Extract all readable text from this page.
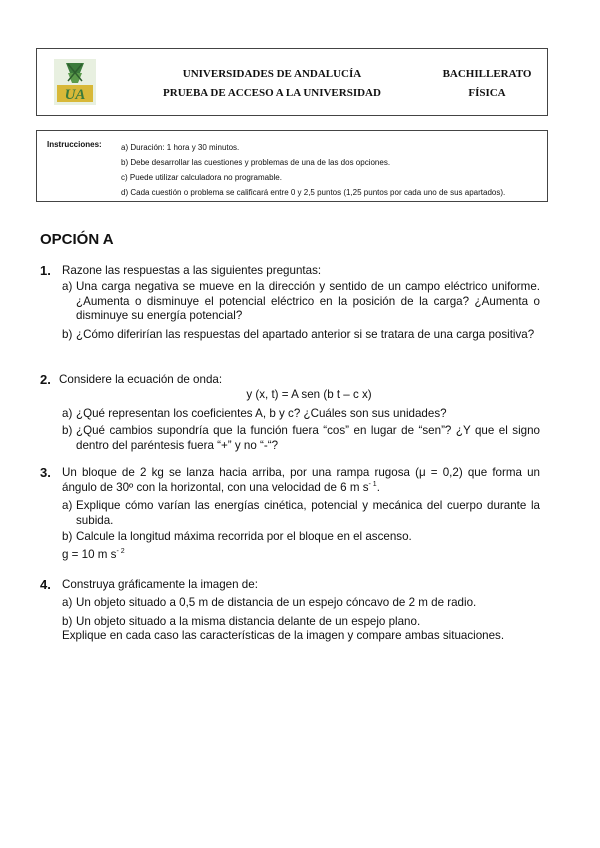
UA
UNIVERSIDADES DE ANDALUCÍA
PRUEBA DE ACCESO A LA UNIVERSIDAD
BACHILLERATO
FÍSICA
Instrucciones: a) Duración: 1 hora y 30 minutos.
b) Debe desarrollar las cuestiones y problemas de una de las dos opciones.
c) Puede utilizar calculadora no programable.
d) Cada cuestión o problema se calificará entre 0 y 2,5 puntos (1,25 puntos por cada uno de sus apartados).
OPCIÓN A
1. Razone las respuestas a las siguientes preguntas:
a) Una carga negativa se mueve en la dirección y sentido de un campo eléctrico uniforme. ¿Aumenta o disminuye el potencial eléctrico en la posición de la carga? ¿Aumenta o disminuye su energía potencial?
b) ¿Cómo diferirían las respuestas del apartado anterior si se tratara de una carga positiva?
2. Considere la ecuación de onda:
y (x, t) = A sen (b t – c x)
a) ¿Qué representan los coeficientes A, b y c? ¿Cuáles son sus unidades?
b) ¿Qué cambios supondría que la función fuera “cos” en lugar de “sen”? ¿Y que el signo dentro del paréntesis fuera “+” y no “-“?
3. Un bloque de 2 kg se lanza hacia arriba, por una rampa rugosa (μ = 0,2) que forma un ángulo de 30º con la horizontal, con una velocidad de 6 m $s^{- 1}$.
a) Explique cómo varían las energías cinética, potencial y mecánica del cuerpo durante la subida.
b) Calcule la longitud máxima recorrida por el bloque en el ascenso.
g = 10 m $s^{- 2}$
4. Construya gráficamente la imagen de:
a) Un objeto situado a 0,5 m de distancia de un espejo cóncavo de 2 m de radio.
b) Un objeto situado a la misma distancia delante de un espejo plano.
Explique en cada caso las características de la imagen y compare ambas situaciones.
